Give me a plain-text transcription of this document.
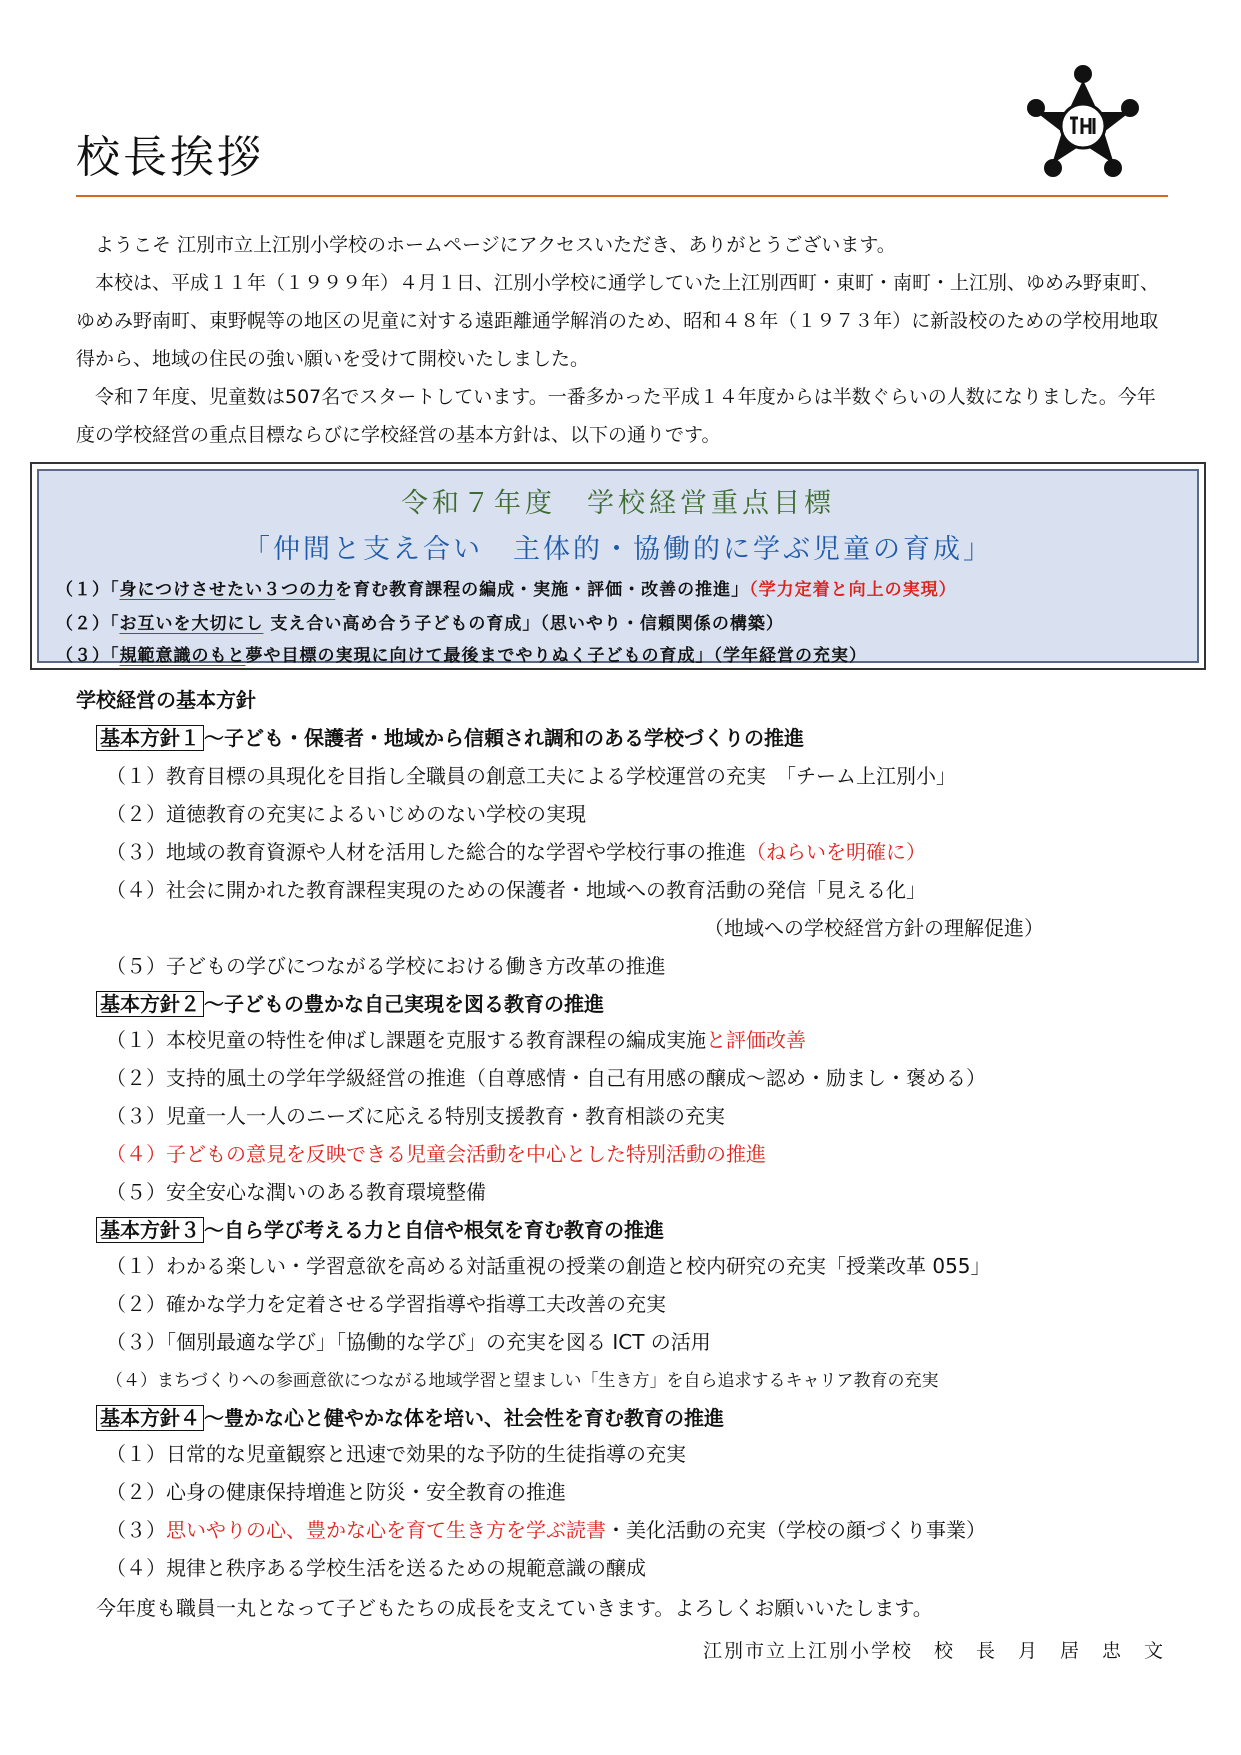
校長挨拶

ようこそ 江別市立上江別小学校のホームページにアクセスいただき、ありがとうございます。

本校は、平成１１年（１９９９年）４月１日、江別小学校に通学していた上江別西町・東町・南町・上江別、ゆめみ野東町、ゆめみ野南町、東野幌等の地区の児童に対する遠距離通学解消のため、昭和４８年（１９７３年）に新設校のための学校用地取得から、地域の住民の強い願いを受けて開校いたしました。

令和７年度、児童数は507名でスタートしています。一番多かった平成１４年度からは半数ぐらいの人数になりました。今年度の学校経営の重点目標ならびに学校経営の基本方針は、以下の通りです。

令和７年度　学校経営重点目標
「仲間と支え合い　主体的・協働的に学ぶ児童の育成」
（１）「身につけさせたい３つの力を育む教育課程の編成・実施・評価・改善の推進」（学力定着と向上の実現）
（２）「お互いを大切にし 支え合い高め合う子どもの育成」（思いやり・信頼関係の構築）
（３）「規範意識のもと夢や目標の実現に向けて最後までやりぬく子どもの育成」（学年経営の充実）
学校経営の基本方針
基本方針１ ～子ども・保護者・地域から信頼され調和のある学校づくりの推進
（１）教育目標の具現化を目指し全職員の創意工夫による学校運営の充実　「チーム上江別小」
（２）道徳教育の充実によるいじめのない学校の実現
（３）地域の教育資源や人材を活用した総合的な学習や学校行事の推進（ねらいを明確に）
（４）社会に開かれた教育課程実現のための保護者・地域への教育活動の発信「見える化」
（地域への学校経営方針の理解促進）
（５）子どもの学びにつながる学校における働き方改革の推進
基本方針２ ～子どもの豊かな自己実現を図る教育の推進
（１）本校児童の特性を伸ばし課題を克服する教育課程の編成実施と評価改善
（２）支持的風土の学年学級経営の推進（自尊感情・自己有用感の醸成～認め・励まし・褒める）
（３）児童一人一人のニーズに応える特別支援教育・教育相談の充実
（４）子どもの意見を反映できる児童会活動を中心とした特別活動の推進
（５）安全安心な潤いのある教育環境整備
基本方針３ ～自ら学び考える力と自信や根気を育む教育の推進
（１）わかる楽しい・学習意欲を高める対話重視の授業の創造と校内研究の充実「授業改革 055」
（２）確かな学力を定着させる学習指導や指導工夫改善の充実
（３）「個別最適な学び」「協働的な学び」の充実を図る ICT の活用
（４）まちづくりへの参画意欲につながる地域学習と望ましい「生き方」を自ら追求するキャリア教育の充実
基本方針４ ～豊かな心と健やかな体を培い、社会性を育む教育の推進
（１）日常的な児童観察と迅速で効果的な予防的生徒指導の充実
（２）心身の健康保持増進と防災・安全教育の推進
（３）思いやりの心、豊かな心を育て生き方を学ぶ読書・美化活動の充実（学校の顔づくり事業）
（４）規律と秩序ある学校生活を送るための規範意識の醸成
今年度も職員一丸となって子どもたちの成長を支えていきます。よろしくお願いいたします。
江別市立上江別小学校　校　長　月　居　忠　文
